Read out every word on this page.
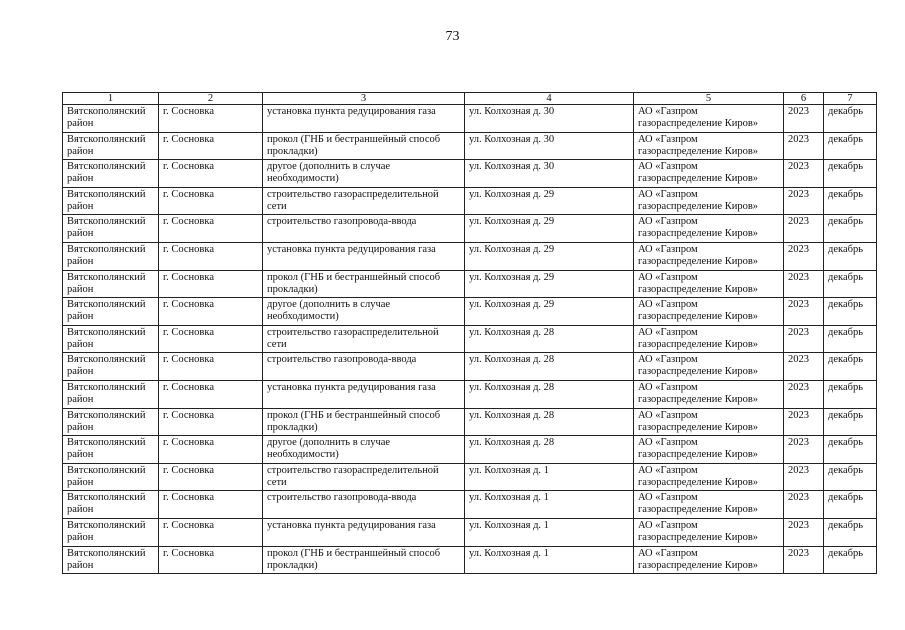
73
1	2	3	4	5	6	7
Вятскополянский район	г. Сосновка	установка пункта редуцирования газа	ул. Колхозная д. 30	АО «Газпром газораспределение Киров»	2023	декабрь
Вятскополянский район	г. Сосновка	прокол (ГНБ и бестраншейный способ прокладки)	ул. Колхозная д. 30	АО «Газпром газораспределение Киров»	2023	декабрь
Вятскополянский район	г. Сосновка	другое (дополнить в случае необходимости)	ул. Колхозная д. 30	АО «Газпром газораспределение Киров»	2023	декабрь
Вятскополянский район	г. Сосновка	строительство газораспределительной сети	ул. Колхозная д. 29	АО «Газпром газораспределение Киров»	2023	декабрь
Вятскополянский район	г. Сосновка	строительство газопровода-ввода	ул. Колхозная д. 29	АО «Газпром газораспределение Киров»	2023	декабрь
Вятскополянский район	г. Сосновка	установка пункта редуцирования газа	ул. Колхозная д. 29	АО «Газпром газораспределение Киров»	2023	декабрь
Вятскополянский район	г. Сосновка	прокол (ГНБ и бестраншейный способ прокладки)	ул. Колхозная д. 29	АО «Газпром газораспределение Киров»	2023	декабрь
Вятскополянский район	г. Сосновка	другое (дополнить в случае необходимости)	ул. Колхозная д. 29	АО «Газпром газораспределение Киров»	2023	декабрь
Вятскополянский район	г. Сосновка	строительство газораспределительной сети	ул. Колхозная д. 28	АО «Газпром газораспределение Киров»	2023	декабрь
Вятскополянский район	г. Сосновка	строительство газопровода-ввода	ул. Колхозная д. 28	АО «Газпром газораспределение Киров»	2023	декабрь
Вятскополянский район	г. Сосновка	установка пункта редуцирования газа	ул. Колхозная д. 28	АО «Газпром газораспределение Киров»	2023	декабрь
Вятскополянский район	г. Сосновка	прокол (ГНБ и бестраншейный способ прокладки)	ул. Колхозная д. 28	АО «Газпром газораспределение Киров»	2023	декабрь
Вятскополянский район	г. Сосновка	другое (дополнить в случае необходимости)	ул. Колхозная д. 28	АО «Газпром газораспределение Киров»	2023	декабрь
Вятскополянский район	г. Сосновка	строительство газораспределительной сети	ул. Колхозная д. 1	АО «Газпром газораспределение Киров»	2023	декабрь
Вятскополянский район	г. Сосновка	строительство газопровода-ввода	ул. Колхозная д. 1	АО «Газпром газораспределение Киров»	2023	декабрь
Вятскополянский район	г. Сосновка	установка пункта редуцирования газа	ул. Колхозная д. 1	АО «Газпром газораспределение Киров»	2023	декабрь
Вятскополянский район	г. Сосновка	прокол (ГНБ и бестраншейный способ прокладки)	ул. Колхозная д. 1	АО «Газпром газораспределение Киров»	2023	декабрь
